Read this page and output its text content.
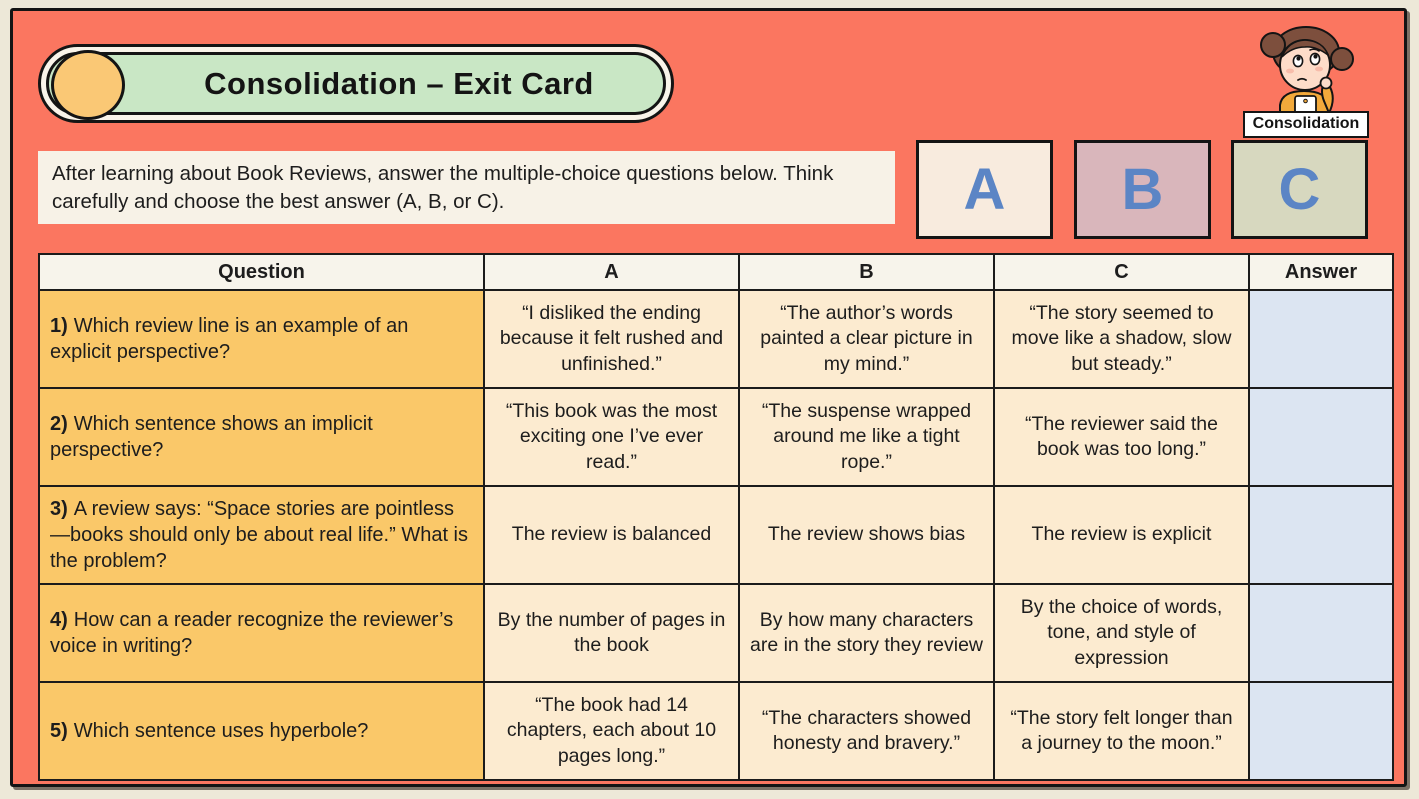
Consolidation – Exit Card
Consolidation
After learning about Book Reviews, answer the multiple-choice questions below. Think carefully and choose the best answer (A, B, or C).	A B C
Question	A	B	C	Answer
1) Which review line is an example of an explicit perspective?	“I disliked the ending because it felt rushed and unfinished.”	“The author’s words painted a clear picture in my mind.”	“The story seemed to move like a shadow, slow but steady.”	
2) Which sentence shows an implicit perspective?	“This book was the most exciting one I’ve ever read.”	“The suspense wrapped around me like a tight rope.”	“The reviewer said the book was too long.”	
3) A review says: “Space stories are pointless—books should only be about real life.” What is the problem?	The review is balanced	The review shows bias	The review is explicit	
4) How can a reader recognize the reviewer’s voice in writing?	By the number of pages in the book	By how many characters are in the story they review	By the choice of words, tone, and style of expression	
5) Which sentence uses hyperbole?	“The book had 14 chapters, each about 10 pages long.”	“The characters showed honesty and bravery.”	“The story felt longer than a journey to the moon.”	
